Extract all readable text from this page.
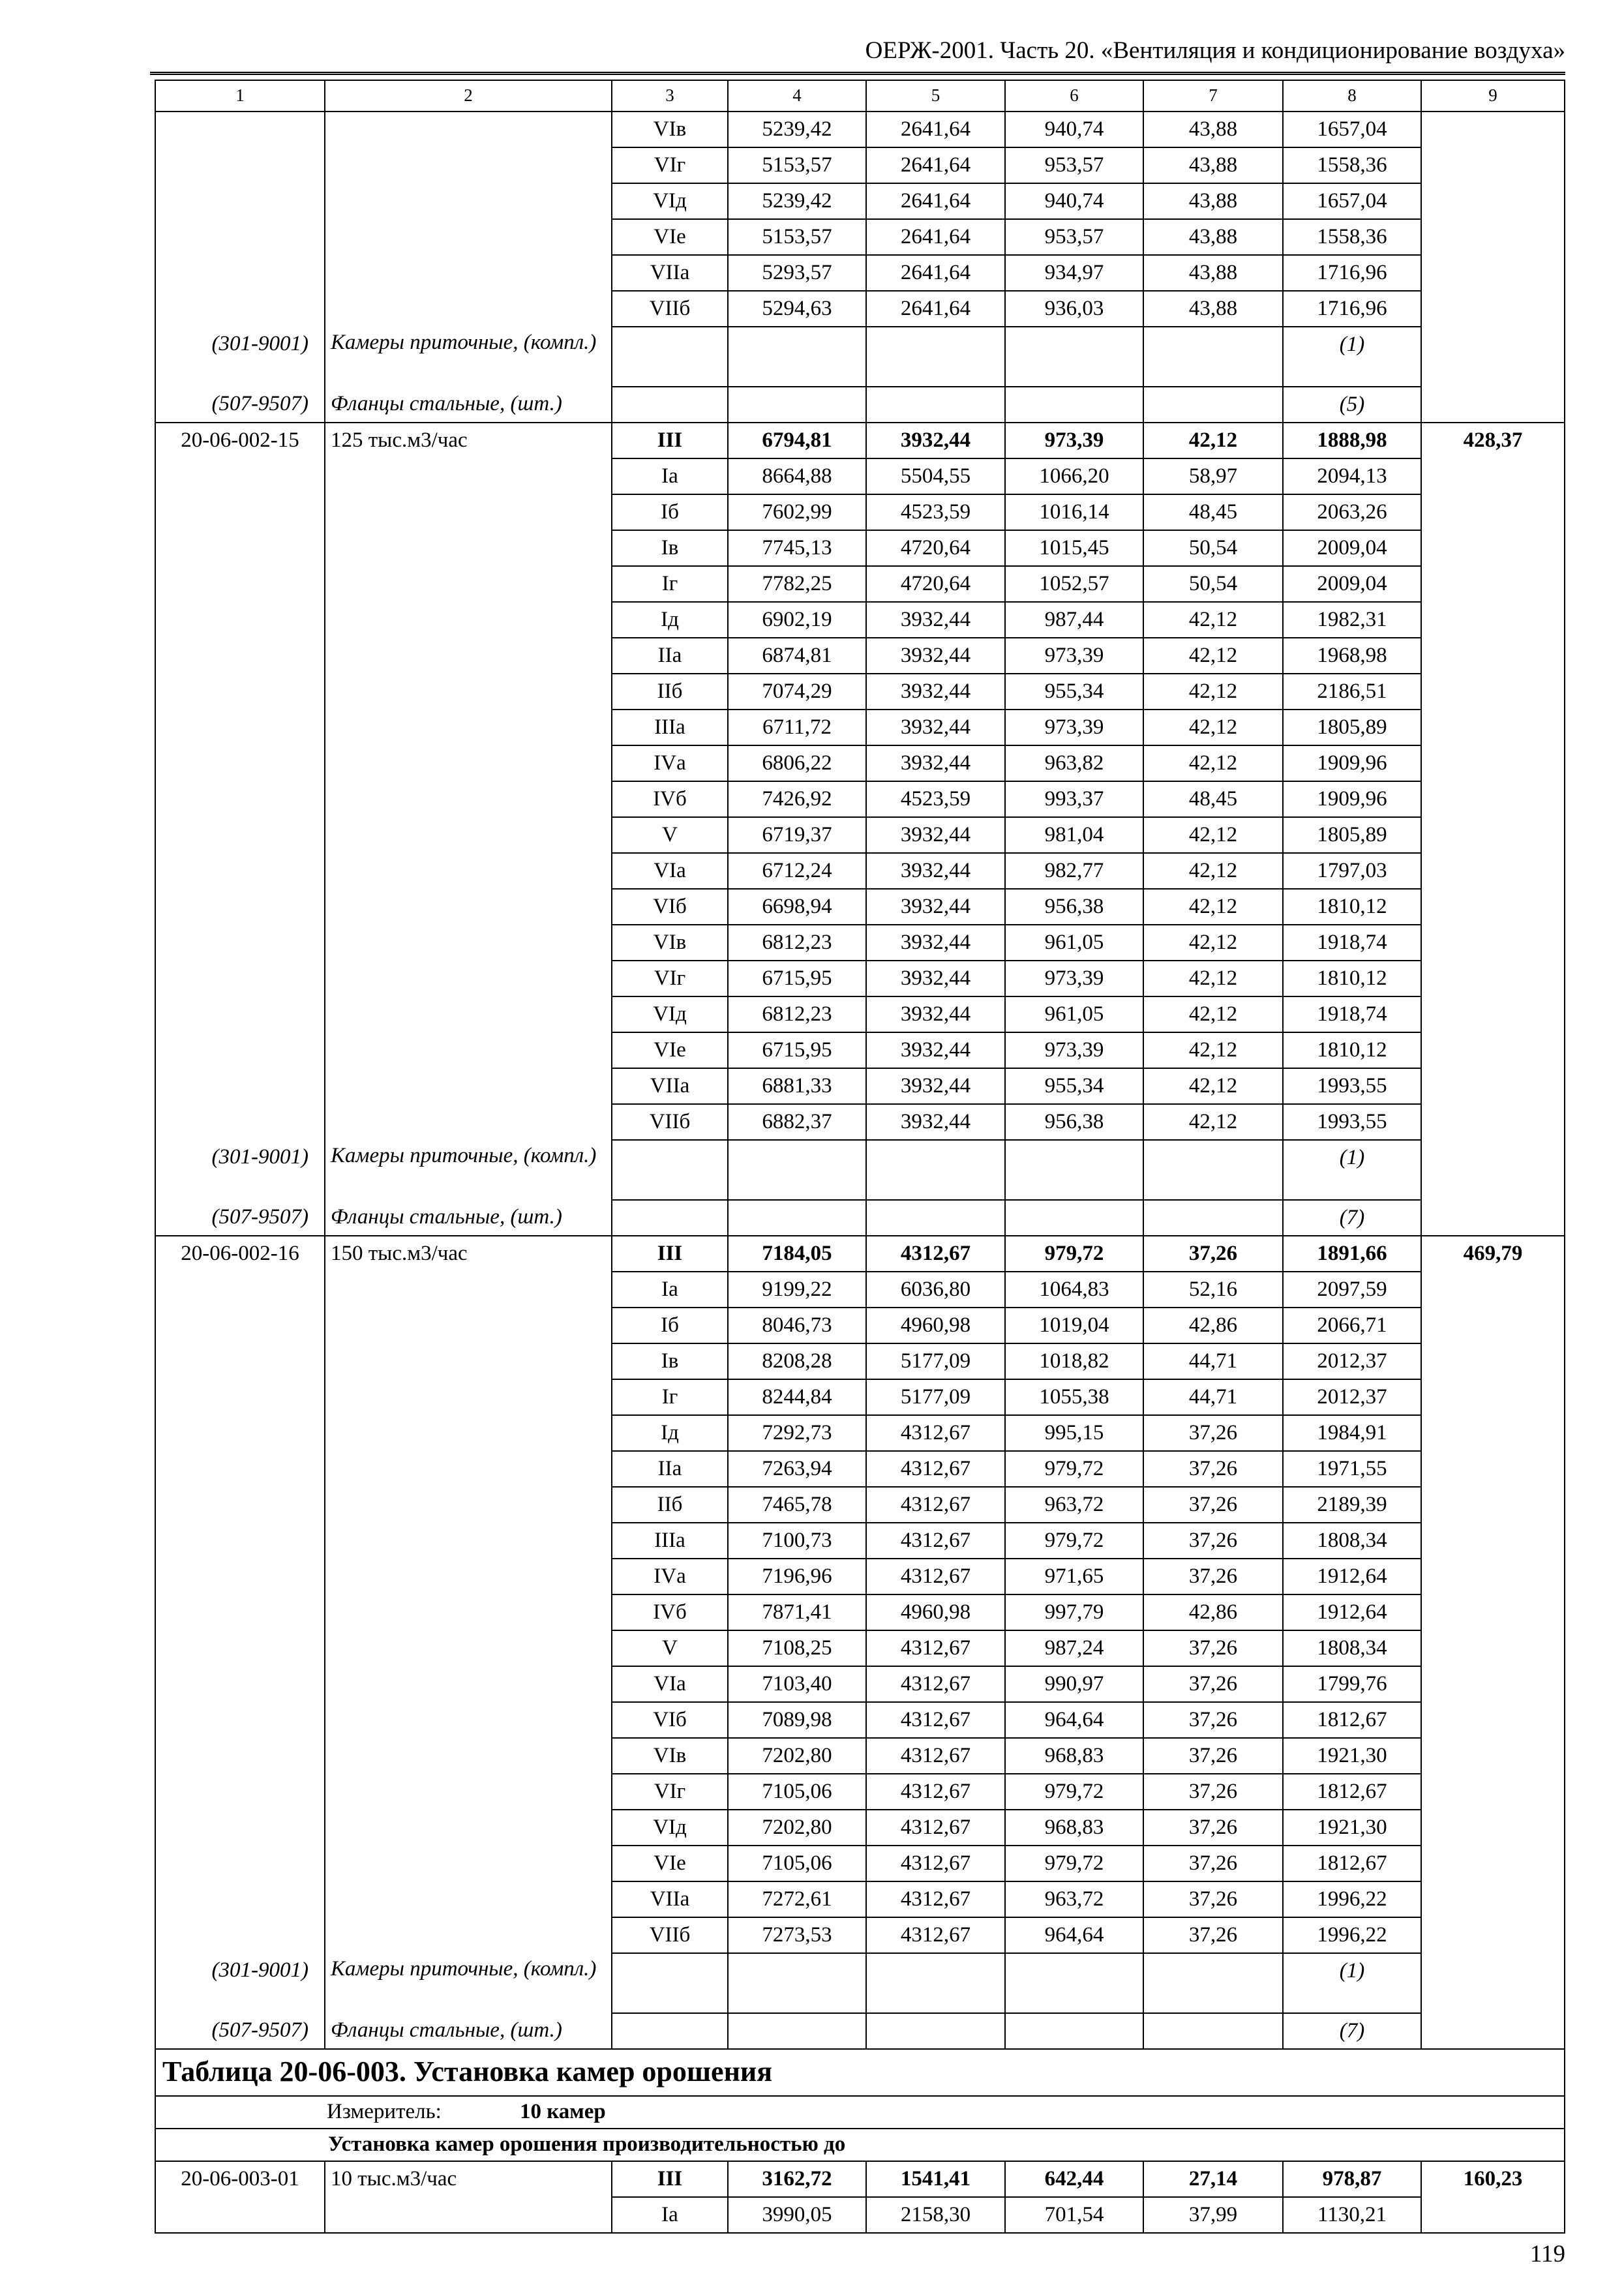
ОЕРЖ-2001. Часть 20. «Вентиляция и кондиционирование воздуха»
1	2	3	4	5	6	7	8	9
		VIв	5239,42	2641,64	940,74	43,88	1657,04	
		VIг	5153,57	2641,64	953,57	43,88	1558,36	
		VIд	5239,42	2641,64	940,74	43,88	1657,04	
		VIе	5153,57	2641,64	953,57	43,88	1558,36	
		VIIа	5293,57	2641,64	934,97	43,88	1716,96	
		VIIб	5294,63	2641,64	936,03	43,88	1716,96	
(301-9001)	Камеры приточные, (компл.)						(1)	
(507-9507)	Фланцы стальные, (шт.)						(5)	
20-06-002-15	125 тыс.м3/час	III	6794,81	3932,44	973,39	42,12	1888,98	428,37
		Iа	8664,88	5504,55	1066,20	58,97	2094,13	
		Iб	7602,99	4523,59	1016,14	48,45	2063,26	
		Iв	7745,13	4720,64	1015,45	50,54	2009,04	
		Iг	7782,25	4720,64	1052,57	50,54	2009,04	
		Iд	6902,19	3932,44	987,44	42,12	1982,31	
		IIа	6874,81	3932,44	973,39	42,12	1968,98	
		IIб	7074,29	3932,44	955,34	42,12	2186,51	
		IIIа	6711,72	3932,44	973,39	42,12	1805,89	
		IVа	6806,22	3932,44	963,82	42,12	1909,96	
		IVб	7426,92	4523,59	993,37	48,45	1909,96	
		V	6719,37	3932,44	981,04	42,12	1805,89	
		VIа	6712,24	3932,44	982,77	42,12	1797,03	
		VIб	6698,94	3932,44	956,38	42,12	1810,12	
		VIв	6812,23	3932,44	961,05	42,12	1918,74	
		VIг	6715,95	3932,44	973,39	42,12	1810,12	
		VIд	6812,23	3932,44	961,05	42,12	1918,74	
		VIе	6715,95	3932,44	973,39	42,12	1810,12	
		VIIа	6881,33	3932,44	955,34	42,12	1993,55	
		VIIб	6882,37	3932,44	956,38	42,12	1993,55	
(301-9001)	Камеры приточные, (компл.)						(1)	
(507-9507)	Фланцы стальные, (шт.)						(7)	
20-06-002-16	150 тыс.м3/час	III	7184,05	4312,67	979,72	37,26	1891,66	469,79
		Iа	9199,22	6036,80	1064,83	52,16	2097,59	
		Iб	8046,73	4960,98	1019,04	42,86	2066,71	
		Iв	8208,28	5177,09	1018,82	44,71	2012,37	
		Iг	8244,84	5177,09	1055,38	44,71	2012,37	
		Iд	7292,73	4312,67	995,15	37,26	1984,91	
		IIа	7263,94	4312,67	979,72	37,26	1971,55	
		IIб	7465,78	4312,67	963,72	37,26	2189,39	
		IIIа	7100,73	4312,67	979,72	37,26	1808,34	
		IVа	7196,96	4312,67	971,65	37,26	1912,64	
		IVб	7871,41	4960,98	997,79	42,86	1912,64	
		V	7108,25	4312,67	987,24	37,26	1808,34	
		VIа	7103,40	4312,67	990,97	37,26	1799,76	
		VIб	7089,98	4312,67	964,64	37,26	1812,67	
		VIв	7202,80	4312,67	968,83	37,26	1921,30	
		VIг	7105,06	4312,67	979,72	37,26	1812,67	
		VIд	7202,80	4312,67	968,83	37,26	1921,30	
		VIе	7105,06	4312,67	979,72	37,26	1812,67	
		VIIа	7272,61	4312,67	963,72	37,26	1996,22	
		VIIб	7273,53	4312,67	964,64	37,26	1996,22	
(301-9001)	Камеры приточные, (компл.)						(1)	
(507-9507)	Фланцы стальные, (шт.)						(7)	
Таблица 20-06-003. Установка камер орошения								
Измеритель: 10 камер								
Установка камер орошения производительностью до								
20-06-003-01	10 тыс.м3/час	III	3162,72	1541,41	642,44	27,14	978,87	160,23
		Iа	3990,05	2158,30	701,54	37,99	1130,21	
119
